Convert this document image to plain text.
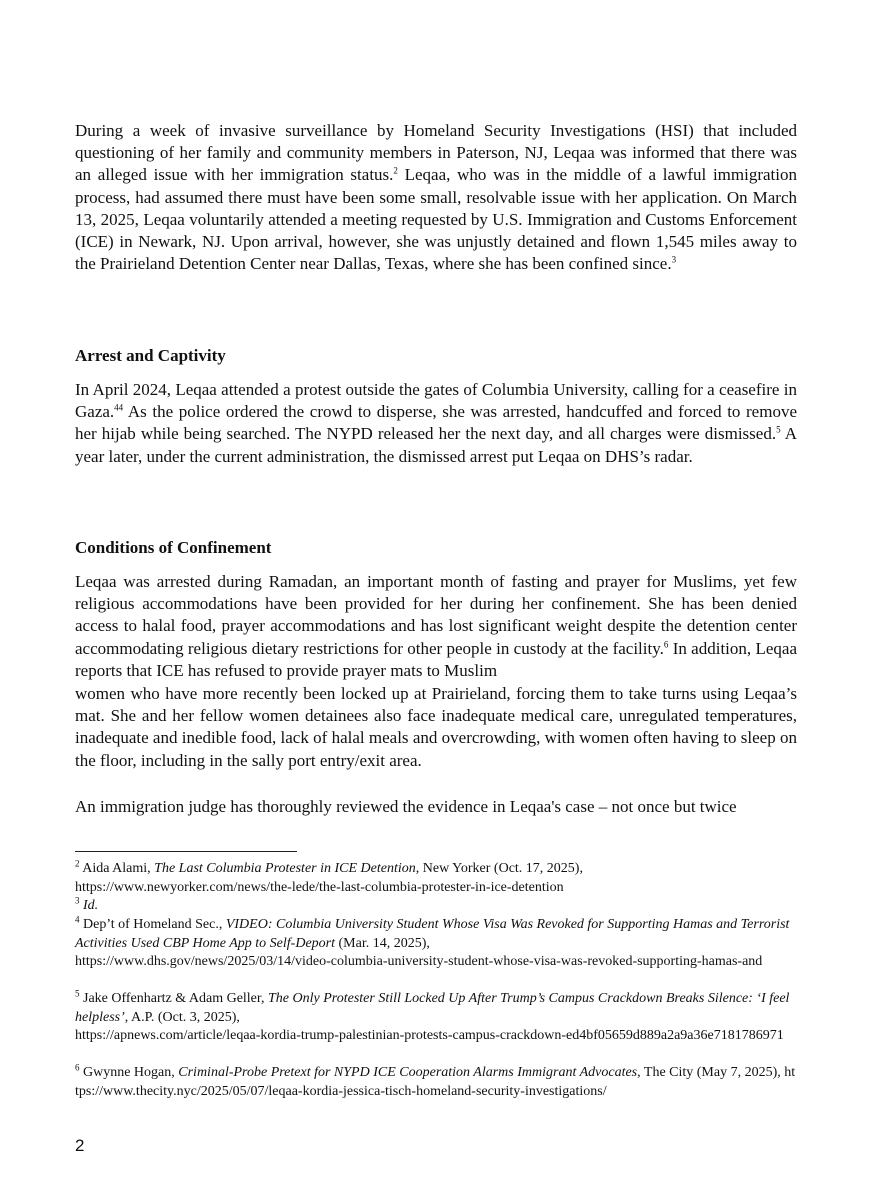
During a week of invasive surveillance by Homeland Security Investigations (HSI) that included questioning of her family and community members in Paterson, NJ, Leqaa was informed that there was an alleged issue with her immigration status.$^2$ Leqaa, who was in the middle of a lawful immigration process, had assumed there must have been some small, resolvable issue with her application. On March 13, 2025, Leqaa voluntarily attended a meeting requested by U.S. Immigration and Customs Enforcement (ICE) in Newark, NJ. Upon arrival, however, she was unjustly detained and flown 1,545 miles away to the Prairieland Detention Center near Dallas, Texas, where she has been confined since.$^3$

Arrest and Captivity

In April 2024, Leqaa attended a protest outside the gates of Columbia University, calling for a ceasefire in Gaza.$^{44}$ As the police ordered the crowd to disperse, she was arrested, handcuffed and forced to remove her hijab while being searched. The NYPD released her the next day, and all charges were dismissed.$^5$ A year later, under the current administration, the dismissed arrest put Leqaa on DHS’s radar.

Conditions of Confinement

Leqaa was arrested during Ramadan, an important month of fasting and prayer for Muslims, yet few religious accommodations have been provided for her during her confinement. She has been denied access to halal food, prayer accommodations and has lost significant weight despite the detention center accommodating religious dietary restrictions for other people in custody at the facility.$^6$ In addition, Leqaa reports that ICE has refused to provide prayer mats to Muslim

women who have more recently been locked up at Prairieland, forcing them to take turns using Leqaa’s mat. She and her fellow women detainees also face inadequate medical care, unregulated temperatures, inadequate and inedible food, lack of halal meals and overcrowding, with women often having to sleep on the floor, including in the sally port entry/exit area.

An immigration judge has thoroughly reviewed the evidence in Leqaa's case – not once but twice

$^2$ Aida Alami, The Last Columbia Protester in ICE Detention, New Yorker (Oct. 17, 2025),
https://www.newyorker.com/news/the-lede/the-last-columbia-protester-in-ice-detention

$^3$ Id.

$^4$ Dep’t of Homeland Sec., VIDEO: Columbia University Student Whose Visa Was Revoked for Supporting Hamas and Terrorist Activities Used CBP Home App to Self-Deport (Mar. 14, 2025),
https://www.dhs.gov/news/2025/03/14/video-columbia-university-student-whose-visa-was-revoked-supporting-hamas-and

$^5$ Jake Offenhartz & Adam Geller, The Only Protester Still Locked Up After Trump’s Campus Crackdown Breaks Silence: ‘I feel helpless’, A.P. (Oct. 3, 2025),
https://apnews.com/article/leqaa-kordia-trump-palestinian-protests-campus-crackdown-ed4bf05659d889a2a9a36e7181786971

$^6$ Gwynne Hogan, Criminal-Probe Pretext for NYPD ICE Cooperation Alarms Immigrant Advocates, The City (May 7, 2025), https://www.thecity.nyc/2025/05/07/leqaa-kordia-jessica-tisch-homeland-security-investigations/

2
